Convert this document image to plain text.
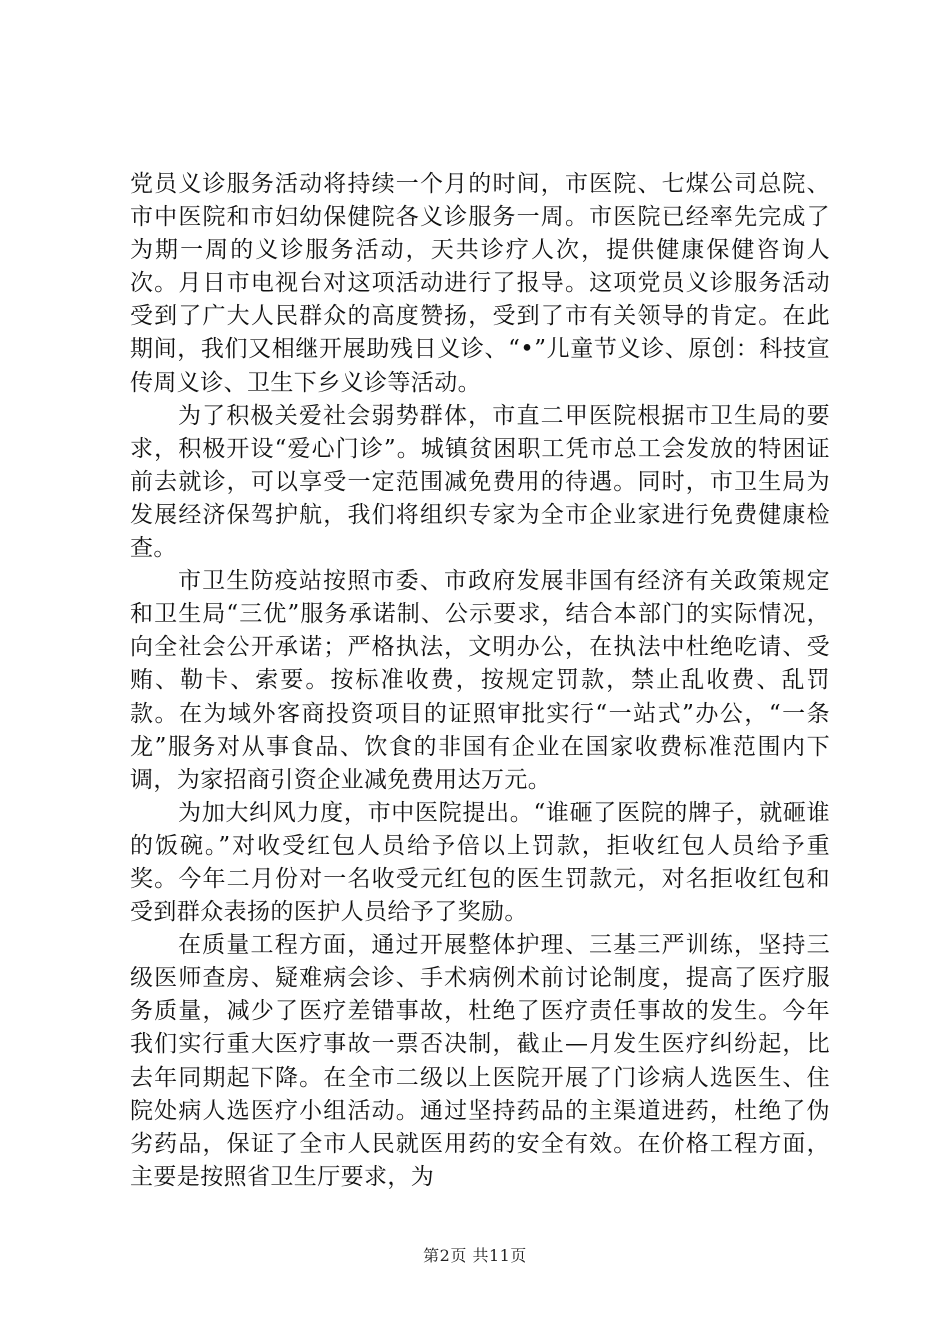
党员义诊服务活动将持续一个月的时间，市医院、七煤公司总院、市中医院和市妇幼保健院各义诊服务一周。市医院已经率先完成了为期一周的义诊服务活动，天共诊疗人次，提供健康保健咨询人次。月日市电视台对这项活动进行了报导。这项党员义诊服务活动受到了广大人民群众的高度赞扬，受到了市有关领导的肯定。在此期间，我们又相继开展助残日义诊、“•”儿童节义诊、原创：科技宣传周义诊、卫生下乡义诊等活动。

为了积极关爱社会弱势群体，市直二甲医院根据市卫生局的要求，积极开设“爱心门诊”。城镇贫困职工凭市总工会发放的特困证前去就诊，可以享受一定范围减免费用的待遇。同时，市卫生局为发展经济保驾护航，我们将组织专家为全市企业家进行免费健康检查。

市卫生防疫站按照市委、市政府发展非国有经济有关政策规定和卫生局“三优”服务承诺制、公示要求，结合本部门的实际情况，向全社会公开承诺；严格执法，文明办公，在执法中杜绝吃请、受贿、勒卡、索要。按标准收费，按规定罚款，禁止乱收费、乱罚款。在为域外客商投资项目的证照审批实行“一站式”办公，“一条龙”服务对从事食品、饮食的非国有企业在国家收费标准范围内下调，为家招商引资企业减免费用达万元。

为加大纠风力度，市中医院提出。“谁砸了医院的牌子，就砸谁的饭碗。”对收受红包人员给予倍以上罚款，拒收红包人员给予重奖。今年二月份对一名收受元红包的医生罚款元，对名拒收红包和受到群众表扬的医护人员给予了奖励。

在质量工程方面，通过开展整体护理、三基三严训练，坚持三级医师查房、疑难病会诊、手术病例术前讨论制度，提高了医疗服务质量，减少了医疗差错事故，杜绝了医疗责任事故的发生。今年我们实行重大医疗事故一票否决制，截止—月发生医疗纠纷起，比去年同期起下降。在全市二级以上医院开展了门诊病人选医生、住院处病人选医疗小组活动。通过坚持药品的主渠道进药，杜绝了伪劣药品，保证了全市人民就医用药的安全有效。在价格工程方面，主要是按照省卫生厅要求，为

第2页 共11页
